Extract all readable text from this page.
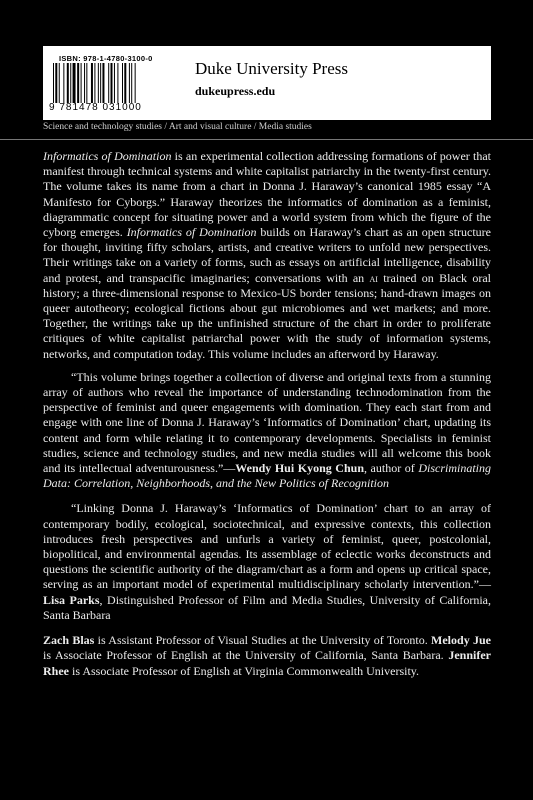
ISBN: 978-1-4780-3100-0
9 781478 031000
Duke University Press
dukeupress.edu
Science and technology studies / Art and visual culture / Media studies

Informatics of Domination is an experimental collection addressing formations of power that manifest through technical systems and white capitalist patriarchy in the twenty-first century. The volume takes its name from a chart in Donna J. Haraway’s canonical 1985 essay “A Manifesto for Cyborgs.” Haraway theorizes the informatics of domination as a feminist, diagrammatic concept for situating power and a world system from which the figure of the cyborg emerges. Informatics of Domination builds on Haraway’s chart as an open structure for thought, inviting fifty scholars, artists, and creative writers to unfold new perspectives. Their writings take on a variety of forms, such as essays on artificial intelligence, disability and protest, and transpacific imaginaries; conversations with an ai trained on Black oral history; a three-dimensional response to Mexico-US border tensions; hand-drawn images on queer autotheory; ecological fictions about gut microbiomes and wet markets; and more. Together, the writings take up the unfinished structure of the chart in order to proliferate critiques of white capitalist patriarchal power with the study of information systems, networks, and computation today. This volume includes an afterword by Haraway.

“This volume brings together a collection of diverse and original texts from a stunning array of authors who reveal the importance of understanding technodomination from the perspective of feminist and queer engagements with domination. They each start from and engage with one line of Donna J. Haraway’s ‘Informatics of Domination’ chart, updating its content and form while relating it to contemporary developments. Specialists in feminist studies, science and technology studies, and new media studies will all welcome this book and its intellectual adventurousness.”—Wendy Hui Kyong Chun, author of Discriminating Data: Correlation, Neighborhoods, and the New Politics of Recognition

“Linking Donna J. Haraway’s ‘Informatics of Domination’ chart to an array of contemporary bodily, ecological, sociotechnical, and expressive contexts, this collection introduces fresh perspectives and unfurls a variety of feminist, queer, postcolonial, biopolitical, and environmental agendas. Its assemblage of eclectic works deconstructs and questions the scientific authority of the diagram/chart as a form and opens up critical space, serving as an important model of experimental multidisciplinary scholarly intervention.”—Lisa Parks, Distinguished Professor of Film and Media Studies, University of California, Santa Barbara

Zach Blas is Assistant Professor of Visual Studies at the University of Toronto. Melody Jue is Associate Professor of English at the University of California, Santa Barbara. Jennifer Rhee is Associate Professor of English at Virginia Commonwealth University.
